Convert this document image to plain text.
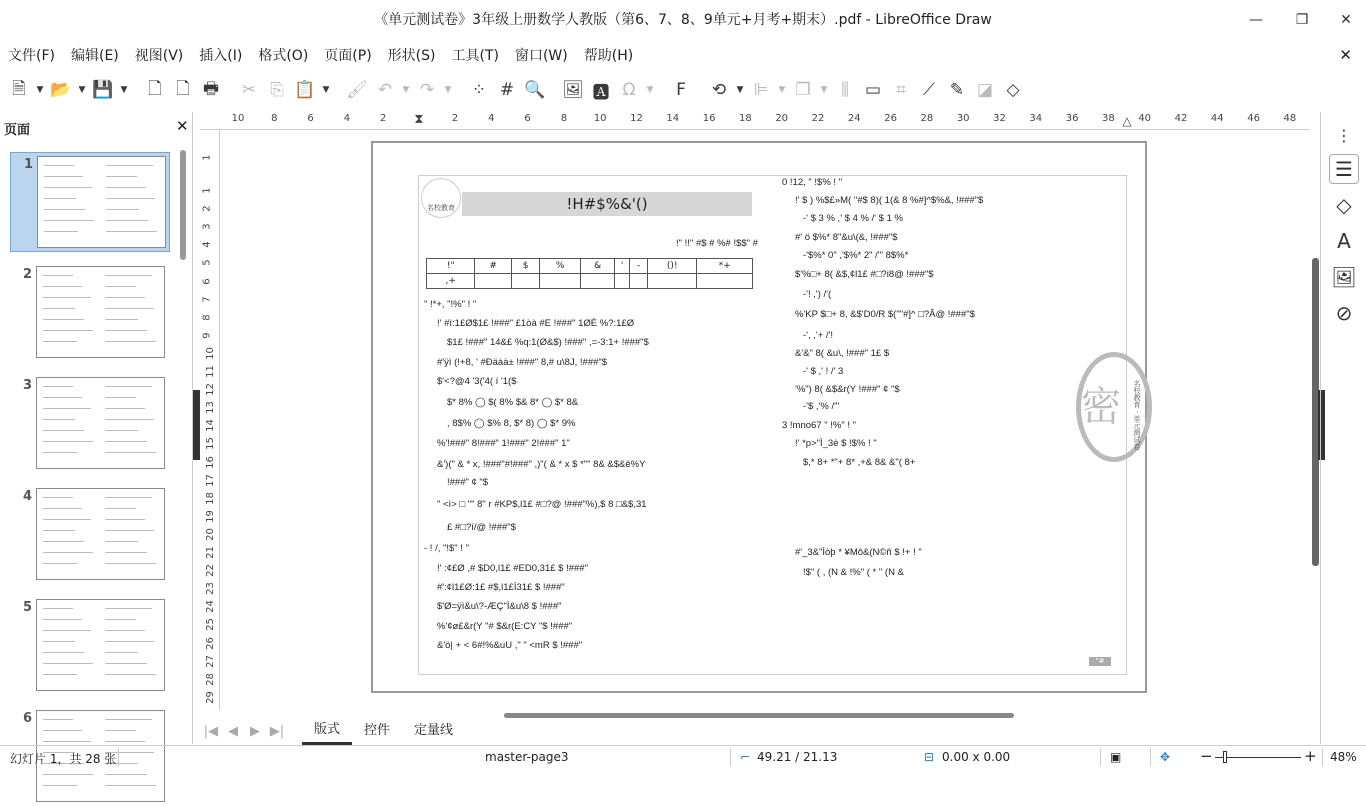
《单元测试卷》3年级上册数学人教版（第6、7、8、9单元+月考+期末）.pdf - LibreOffice Draw	— ❐ ✕
文件(F)	编辑(E)	视图(V)	插入(I)	格式(O)	页面(P)	形状(S)	工具(T)	窗口(W)	帮助(H)	✕
🗎	▼ 📂 ▼ 💾 ▼	🗋 🗋 🖶	✂ ⎘ 📋 ▼ 🖌 ↶	▼ ↷	▼	⁘ # 🔍 🖼 🅰 Ω	▼	F	⟲	▼ ⊫	▼ ❐	▼ ⫼ ▭ ⌗	⟋ ✎ ◪ ◇
页面	✕
1
2
3
4
5
6
10	8	6	4	2 ⧗	2	4	6	8	10 12 14 16 18 20 22 24 26 28 30 32 34 36 38 40 42 44 46 48
△
1
1
2
3
4
5
6
7
8
9
10
11
12
13
14
15
16
17
18
19
20
21
22
23
24
25
26
27
28
29
!H#$%&'()
名校教育
!" !!" #$ # %# !$$" #
!"	#	$	%	&	'	-	()!	*+
,+								
" !*+, "!%" ! "
!' #ì:1£Ø$1£ !###" £1òà #E !###" 1ØÈ %?:1£Ø
$1£ !###" 14&£ %q:1(Ø&$) !###" ,=-3:1+ !###"$
#'ÿì (!+8, ' #Ðäàà± !###" 8,# u\8J, !###"$
$'<?@4 '3('4( í '1($
$* 8% ◯ $( 8% $& 8* ◯ $* 8&
, 8$% ◯ $% 8, $* 8) ◯ $* 9%
%'!###" 8!###" 1!###" 2!###" 1"
&')(" & * x, !###"#!###" ,)"( & * x $ *"" 8& &$&ê%Y
!###" ¢ "$
" <ì> □ "" 8" r #KP$,l1£ #□?@ !###"%),$ 8 □&$,31
£ #□?í/@ !###"$
- ! /, "!$" ! "
!' :¢£Ø ,# $D0,l1£ #ED0,31£ $ !###"
#':¢l1£Ø:1£ #$,l1£Ì31£ $ !###"
$'Ø=ÿì&u\?-ÆÇ"Ì&u\8 $ !###"
%'¢ø£&r(Y "# $&r(E:CY "$ !###"
&'ö| + < 6#!%&uU ," " <mR $ !###"
0 !12, " !$% ! "
!' $ ) %$£»M( "#$ 8)( 1(& 8 %#]^$%&, !###"$
-' $ 3 % ,' $ 4 % /' $ 1 %
#' ö $%* 8"&u\(&, !###"$
-'$%* 0" ,'$%* 2" /'" 8$%*
$'%□+ 8( &$,¢l1£ #□?i8@ !###"$
-'! ,') /'(
%'KP $□+ 8, &$'D0/R $(""#]^ □?Â@ !###"$
-', ,'+ /'!
&'&" 8( &u\, !###" 1£ $
-' $ ,' ! /' 3
'%") 8( &$&r(Y !###" ¢ "$
-'$ ,'% /'"
3 !mno67 " !%" ! "
!' *p>"Ì_3è $ !$% ! "
$,* 8+ *"+ 8* ,+& 8& &"( 8+
#'_3&"Ìòþ * ¥Mô&(N©ñ $ !+ ! "
!$" ( , (N & !%" ( * " (N &
密	名校教育 · 单元测试卷
"#
⋮
☰
◇
A
🖼
⊘
|◀ ◀ ▶ ▶|	版式	控件	定量线
幻灯片 1，共 28 张	master-page3	⌐ 49.21 / 21.13	⊟ 0.00 x 0.00	▣	✥ −	+ 48%
